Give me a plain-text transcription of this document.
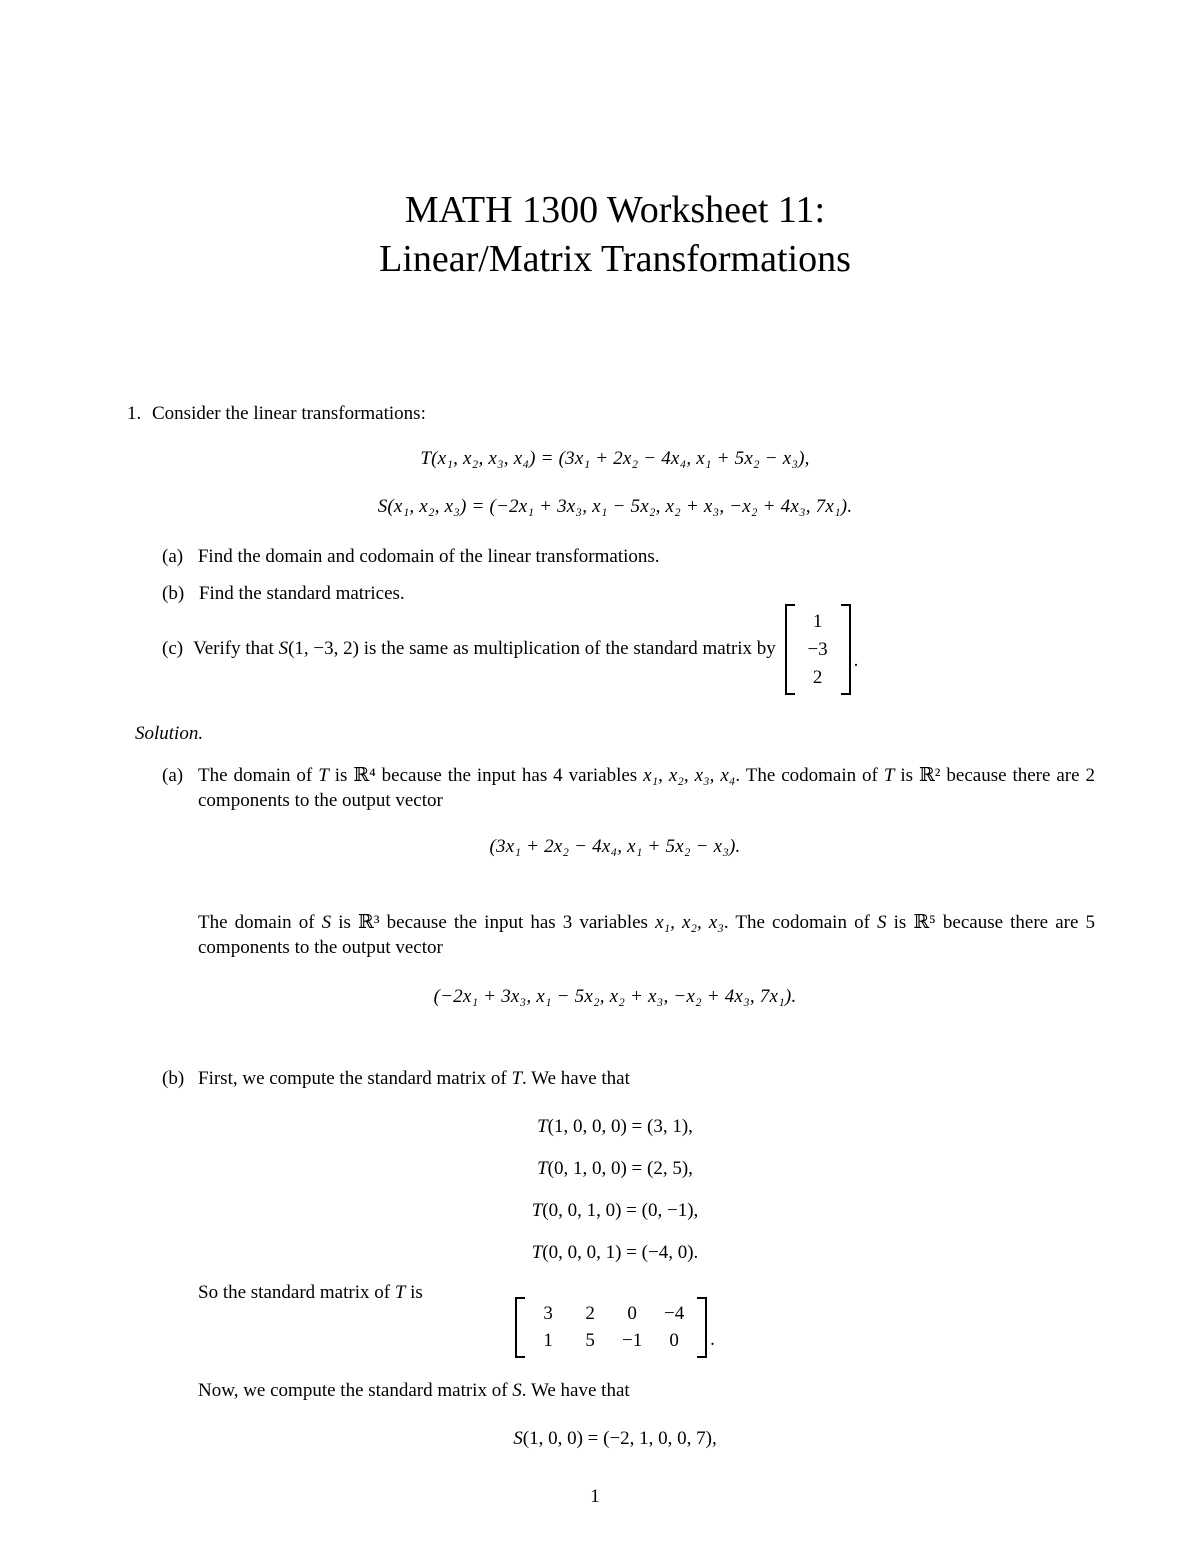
MATH 1300 Worksheet 11:
Linear/Matrix Transformations
1. Consider the linear transformations:
T(x₁, x₂, x₃, x₄) = (3x₁ + 2x₂ − 4x₄, x₁ + 5x₂ − x₃),
S(x₁, x₂, x₃) = (−2x₁ + 3x₃, x₁ − 5x₂, x₂ + x₃, −x₂ + 4x₃, 7x₁).
(a) Find the domain and codomain of the linear transformations.
(b) Find the standard matrices.
(c) Verify that S (1, −3, 2) is the same as multiplication of the standard matrix by
1
−3
2
.
Solution.
(a) The domain of T is ℝ⁴ because the input has 4 variables x₁, x₂, x₃, x₄. The codomain of T is ℝ² because there are 2 components to the output vector
(3x₁ + 2x₂ − 4x₄, x₁ + 5x₂ − x₃).
The domain of S is ℝ³ because the input has 3 variables x₁, x₂, x₃. The codomain of S is ℝ⁵ because there are 5 components to the output vector
(−2x₁ + 3x₃, x₁ − 5x₂, x₂ + x₃, −x₂ + 4x₃, 7x₁).
(b) First, we compute the standard matrix of T. We have that
T(1, 0, 0, 0) = (3, 1),
T(0, 1, 0, 0) = (2, 5),
T(0, 0, 1, 0) = (0, −1),
T(0, 0, 0, 1) = (−4, 0).
So the standard matrix of T is
3	2	0	−4
1	5	−1	0	.
Now, we compute the standard matrix of S. We have that
S(1, 0, 0) = (−2, 1, 0, 0, 7),
1
